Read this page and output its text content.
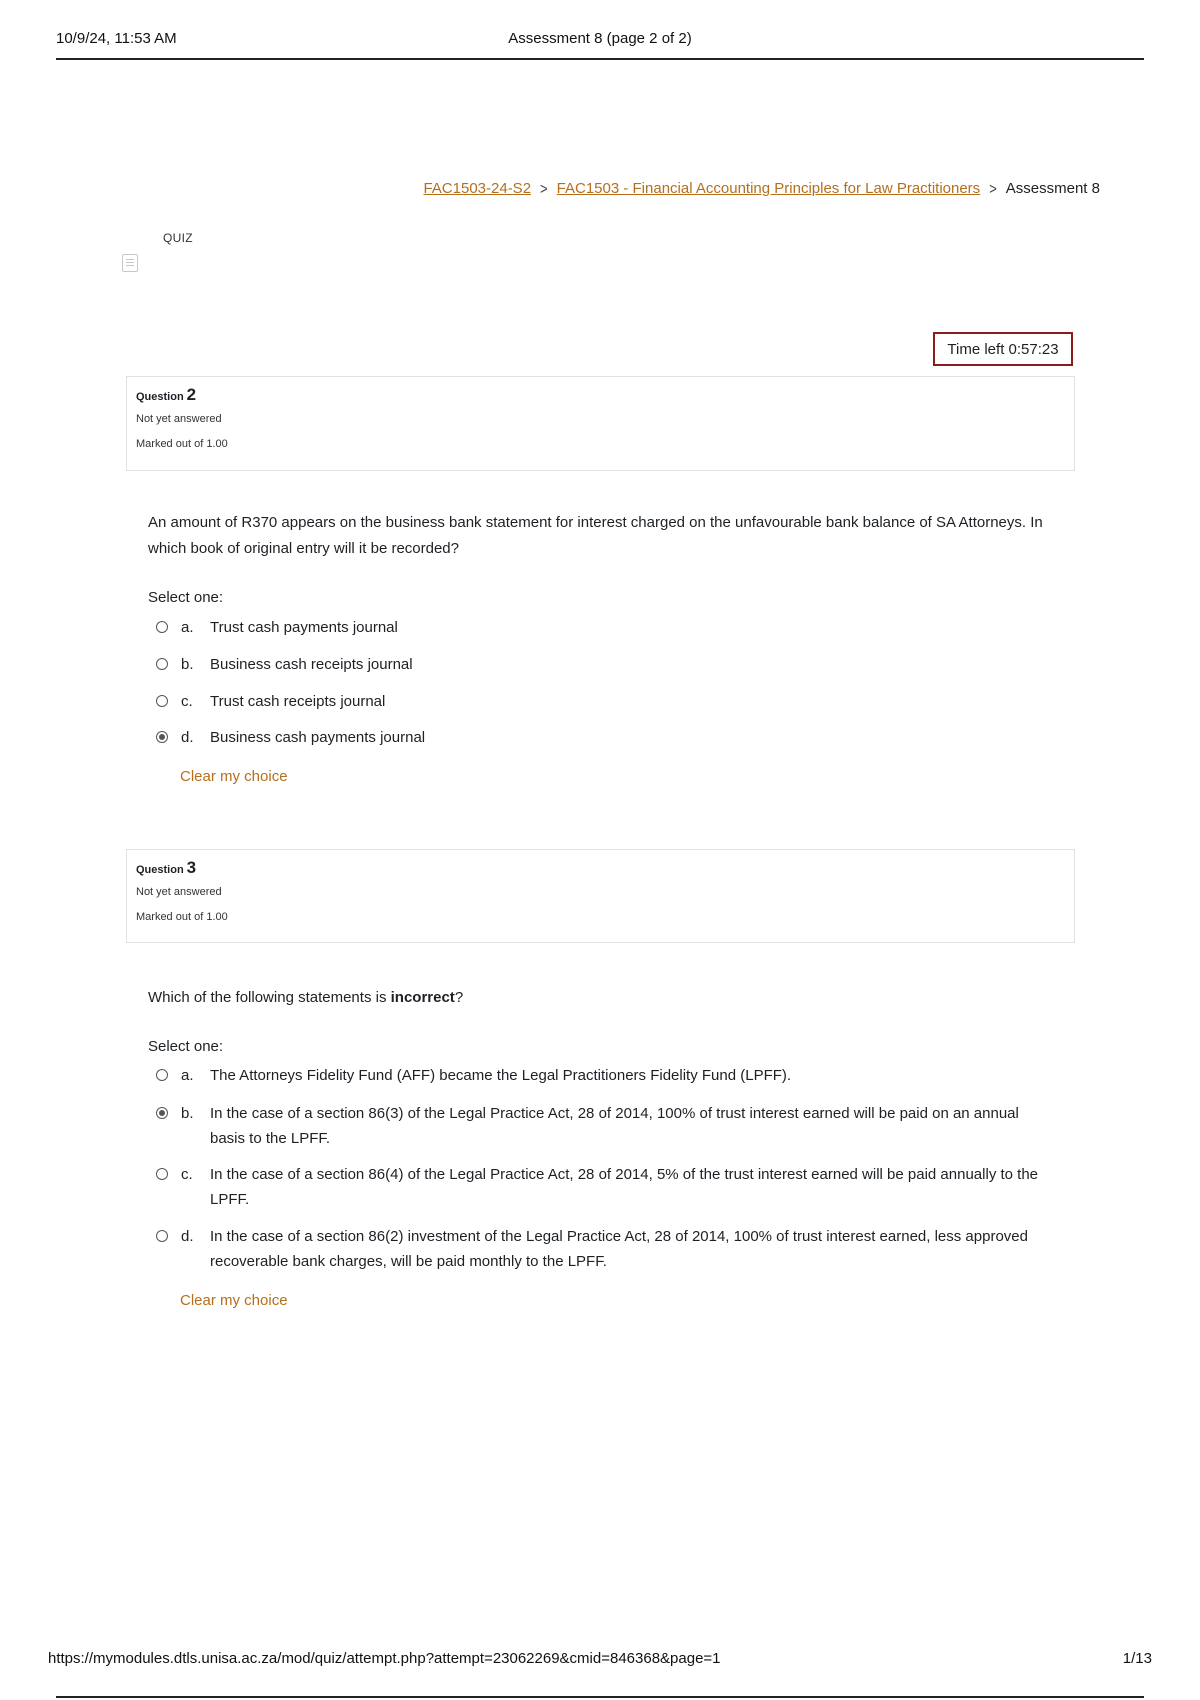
10/9/24, 11:53 AM	Assessment 8 (page 2 of 2)
FAC1503-24-S2 > FAC1503 - Financial Accounting Principles for Law Practitioners > Assessment 8
QUIZ
Time left 0:57:23
Question 2
Not yet answered
Marked out of 1.00
An amount of R370 appears on the business bank statement for interest charged on the unfavourable bank balance of SA Attorneys. In which book of original entry will it be recorded?
Select one:
a. Trust cash payments journal
b. Business cash receipts journal
c. Trust cash receipts journal
d. Business cash payments journal
Clear my choice
Question 3
Not yet answered
Marked out of 1.00
Which of the following statements is incorrect?
Select one:
a. The Attorneys Fidelity Fund (AFF) became the Legal Practitioners Fidelity Fund (LPFF).
b. In the case of a section 86(3) of the Legal Practice Act, 28 of 2014, 100% of trust interest earned will be paid on an annual basis to the LPFF.
c. In the case of a section 86(4) of the Legal Practice Act, 28 of 2014, 5% of the trust interest earned will be paid annually to the LPFF.
d. In the case of a section 86(2) investment of the Legal Practice Act, 28 of 2014, 100% of trust interest earned, less approved recoverable bank charges, will be paid monthly to the LPFF.
Clear my choice
https://mymodules.dtls.unisa.ac.za/mod/quiz/attempt.php?attempt=23062269&cmid=846368&page=1	1/13
